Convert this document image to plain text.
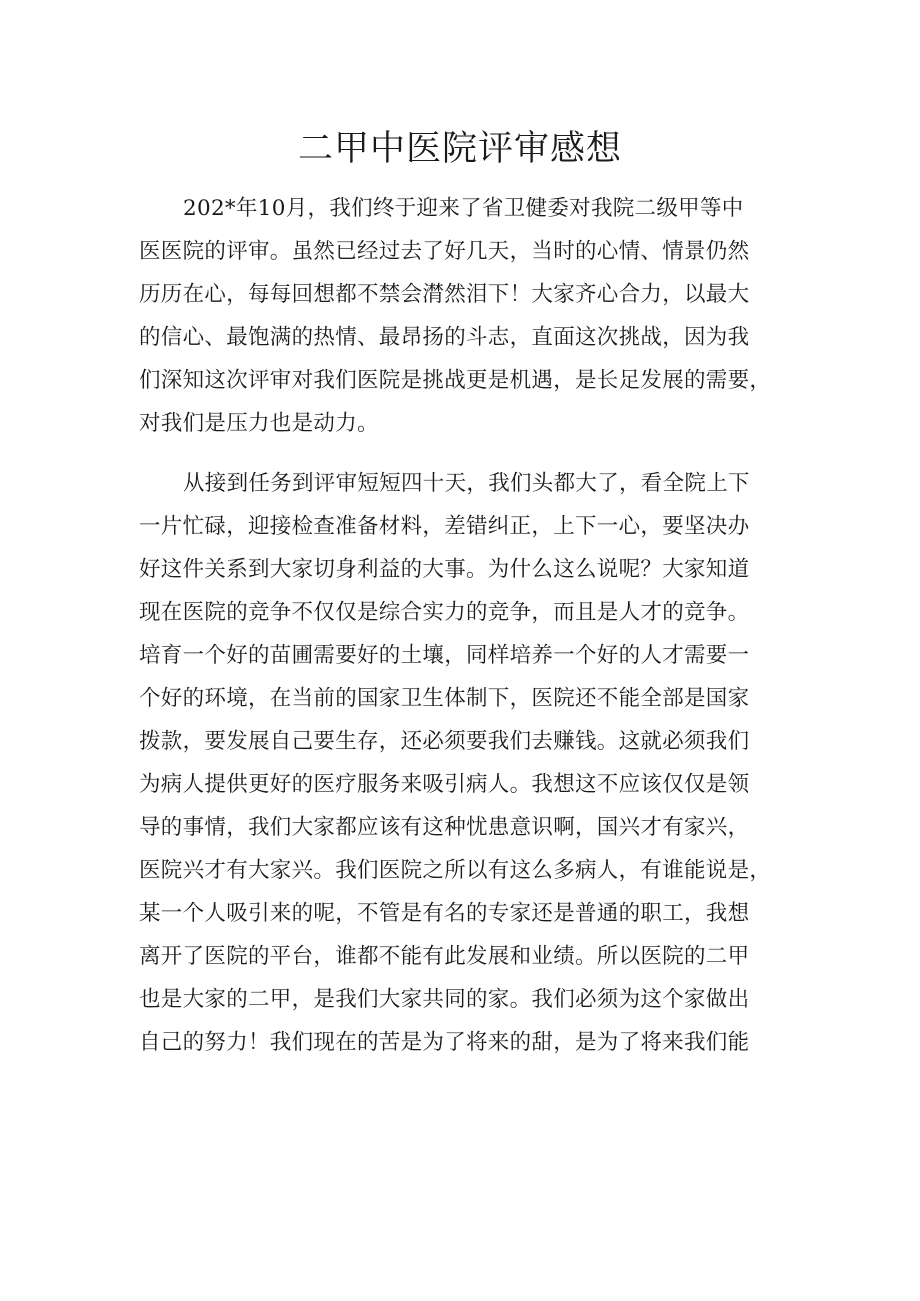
二甲中医院评审感想

202*年10月，我们终于迎来了省卫健委对我院二级甲等中
医医院的评审。虽然已经过去了好几天，当时的心情、情景仍然
历历在心，每每回想都不禁会潸然泪下！大家齐心合力，以最大
的信心、最饱满的热情、最昂扬的斗志，直面这次挑战，因为我
们深知这次评审对我们医院是挑战更是机遇，是长足发展的需要，
对我们是压力也是动力。

从接到任务到评审短短四十天，我们头都大了，看全院上下
一片忙碌，迎接检查准备材料，差错纠正，上下一心，要坚决办
好这件关系到大家切身利益的大事。为什么这么说呢？大家知道
现在医院的竞争不仅仅是综合实力的竞争，而且是人才的竞争。
培育一个好的苗圃需要好的土壤，同样培养一个好的人才需要一
个好的环境，在当前的国家卫生体制下，医院还不能全部是国家
拨款，要发展自己要生存，还必须要我们去赚钱。这就必须我们
为病人提供更好的医疗服务来吸引病人。我想这不应该仅仅是领
导的事情，我们大家都应该有这种忧患意识啊，国兴才有家兴，
医院兴才有大家兴。我们医院之所以有这么多病人，有谁能说是，
某一个人吸引来的呢，不管是有名的专家还是普通的职工，我想
离开了医院的平台，谁都不能有此发展和业绩。所以医院的二甲
也是大家的二甲，是我们大家共同的家。我们必须为这个家做出
自己的努力！我们现在的苦是为了将来的甜，是为了将来我们能
